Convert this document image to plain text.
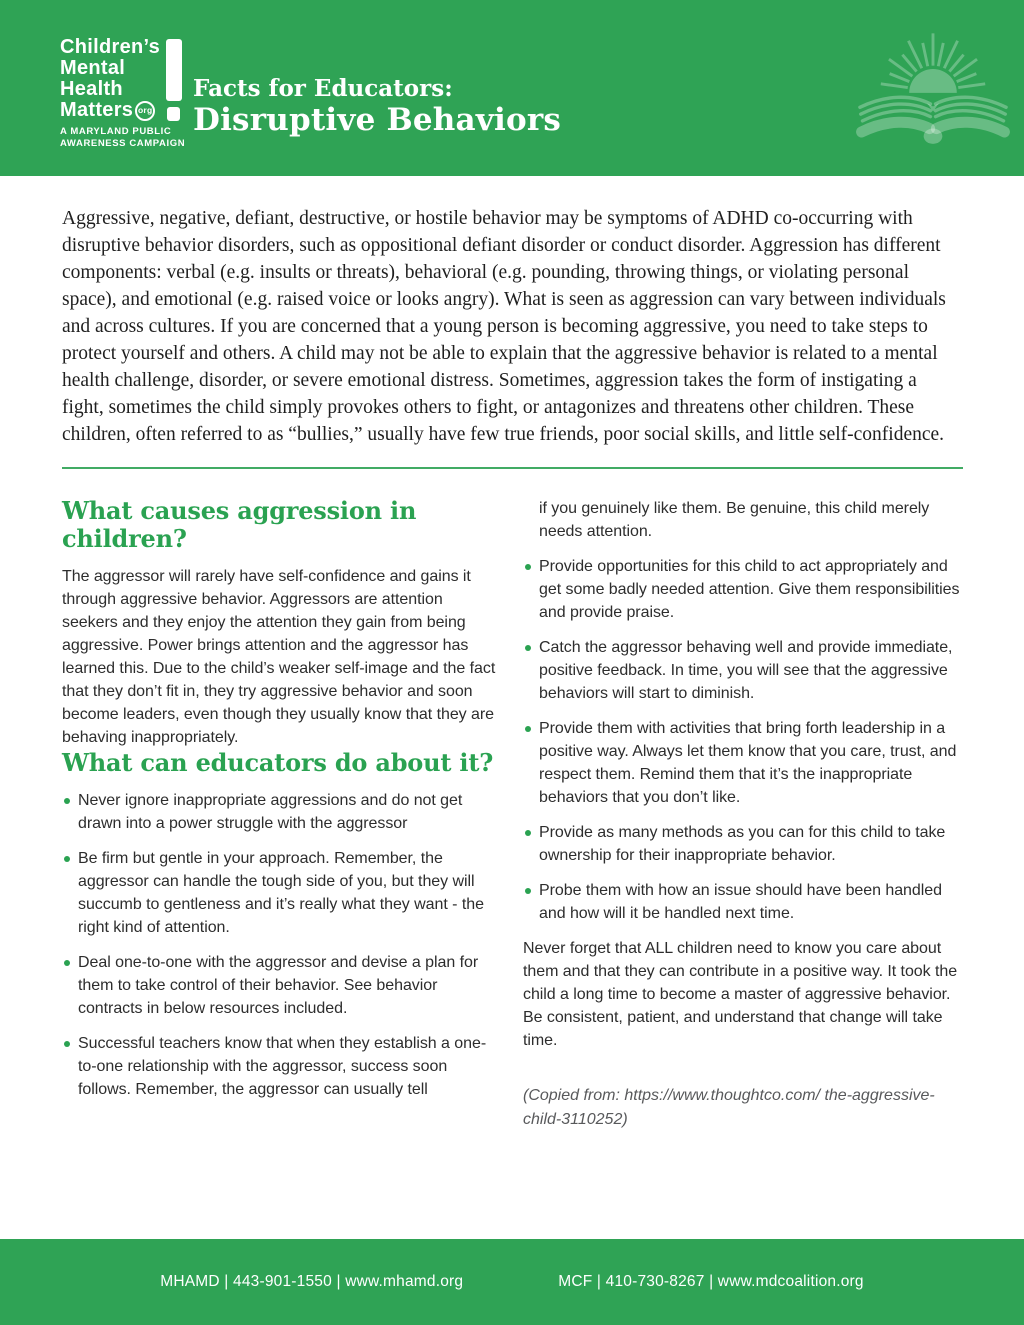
Children’s
Mental
Health
Matters org
A MARYLAND PUBLIC
AWARENESS CAMPAIGN
Facts for Educators:
Disruptive Behaviors

Aggressive, negative, defiant, destructive, or hostile behavior may be symptoms of ADHD co-occurring with disruptive behavior disorders, such as oppositional defiant disorder or conduct disorder. Aggression has different components: verbal (e.g. insults or threats), behavioral (e.g. pounding, throwing things, or violating personal space), and emotional (e.g. raised voice or looks angry). What is seen as aggression can vary between individuals and across cultures. If you are concerned that a young person is becoming aggressive, you need to take steps to protect yourself and others. A child may not be able to explain that the aggressive behavior is related to a mental health challenge, disorder, or severe emotional distress. Sometimes, aggression takes the form of instigating a fight, sometimes the child simply provokes others to fight, or antagonizes and threatens other children. These children, often referred to as “bullies,” usually have few true friends, poor social skills, and little self-confidence.

What causes aggression in children?

The aggressor will rarely have self-confidence and gains it through aggressive behavior. Aggressors are attention seekers and they enjoy the attention they gain from being aggressive. Power brings attention and the aggressor has learned this. Due to the child’s weaker self-image and the fact that they don’t fit in, they try aggressive behavior and soon become leaders, even though they usually know that they are behaving inappropriately.

What can educators do about it?
Never ignore inappropriate aggressions and do not get drawn into a power struggle with the aggressor
Be firm but gentle in your approach. Remember, the aggressor can handle the tough side of you, but they will succumb to gentleness and it’s really what they want - the right kind of attention.
Deal one-to-one with the aggressor and devise a plan for them to take control of their behavior. See behavior contracts in below resources included.
Successful teachers know that when they establish a one-to-one relationship with the aggressor, success soon follows. Remember, the aggressor can usually tell

if you genuinely like them. Be genuine, this child merely needs attention.

Provide opportunities for this child to act appropriately and get some badly needed attention. Give them responsibilities and provide praise.
Catch the aggressor behaving well and provide immediate, positive feedback. In time, you will see that the aggressive behaviors will start to diminish.
Provide them with activities that bring forth leadership in a positive way. Always let them know that you care, trust, and respect them. Remind them that it’s the inappropriate behaviors that you don’t like.
Provide as many methods as you can for this child to take ownership for their inappropriate behavior.
Probe them with how an issue should have been handled and how will it be handled next time.

Never forget that ALL children need to know you care about them and that they can contribute in a positive way. It took the child a long time to become a master of aggressive behavior. Be consistent, patient, and understand that change will take time.

(Copied from: https://www.thoughtco.com/ the-aggressive-child-3110252)

MHAMD | 443-901-1550 | www.mhamd.org	MCF | 410-730-8267 | www.mdcoalition.org
